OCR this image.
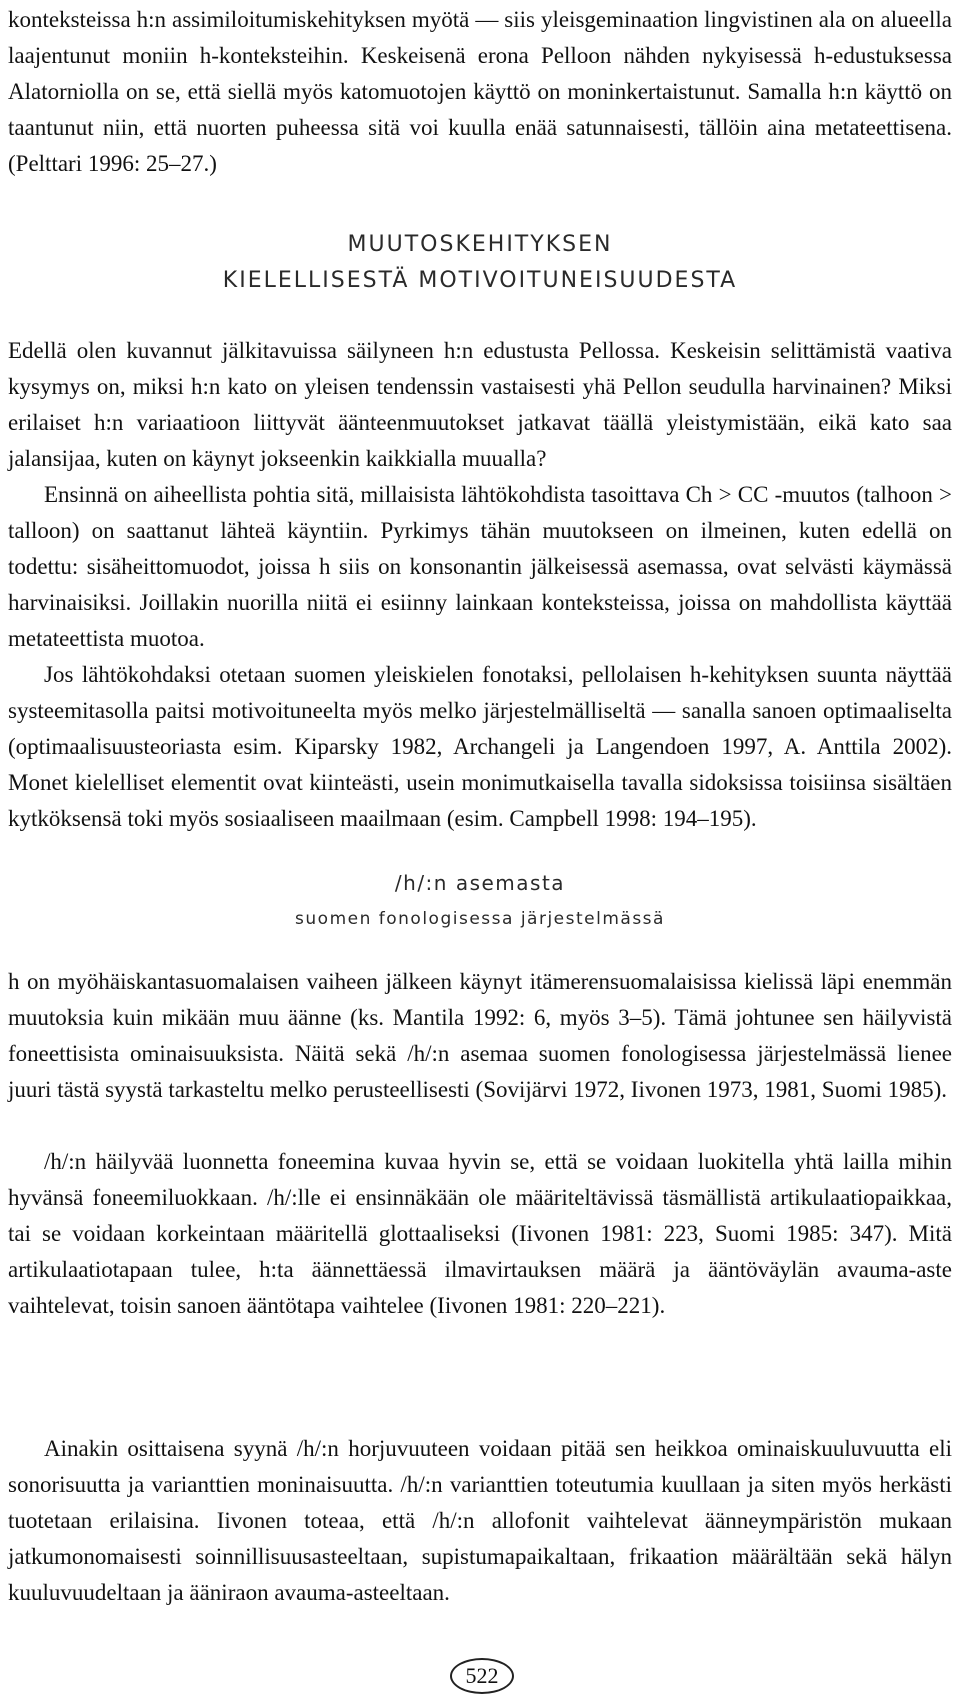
konteksteissa h:n assimiloitumiskehityksen myötä — siis yleisgeminaation lingvistinen ala on alueella laajentunut moniin h-konteksteihin. Keskeisenä erona Pelloon nähden nykyisessä h-edustuksessa Alatorniolla on se, että siellä myös katomuotojen käyttö on moninkertaistunut. Samalla h:n käyttö on taantunut niin, että nuorten puheessa sitä voi kuulla enää satunnaisesti, tällöin aina metateettisena. (Pelttari 1996: 25–27.)

MUUTOSKEHITYKSEN
KIELELLISESTÄ MOTIVOITUNEISUUDESTA

Edellä olen kuvannut jälkitavuissa säilyneen h:n edustusta Pellossa. Keskeisin selittämistä vaativa kysymys on, miksi h:n kato on yleisen tendenssin vastaisesti yhä Pellon seudulla harvinainen? Miksi erilaiset h:n variaatioon liittyvät äänteenmuutokset jatkavat täällä yleistymistään, eikä kato saa jalansijaa, kuten on käynyt jokseenkin kaikkialla muualla?

Ensinnä on aiheellista pohtia sitä, millaisista lähtökohdista tasoittava Ch > CC -muutos (talhoon > talloon) on saattanut lähteä käyntiin. Pyrkimys tähän muutokseen on ilmeinen, kuten edellä on todettu: sisäheittomuodot, joissa h siis on konsonantin jälkeisessä asemassa, ovat selvästi käymässä harvinaisiksi. Joillakin nuorilla niitä ei esiinny lainkaan konteksteissa, joissa on mahdollista käyttää metateettista muotoa.

Jos lähtökohdaksi otetaan suomen yleiskielen fonotaksi, pellolaisen h-kehityksen suunta näyttää systeemitasolla paitsi motivoituneelta myös melko järjestelmälliseltä — sanalla sanoen optimaaliselta (optimaalisuusteoriasta esim. Kiparsky 1982, Archangeli ja Langendoen 1997, A. Anttila 2002). Monet kielelliset elementit ovat kiinteästi, usein monimutkaisella tavalla sidoksissa toisiinsa sisältäen kytköksensä toki myös sosiaaliseen maailmaan (esim. Campbell 1998: 194–195).

/h/:n asemasta
suomen fonologisessa järjestelmässä

h on myöhäiskantasuomalaisen vaiheen jälkeen käynyt itämerensuomalaisissa kielissä läpi enemmän muutoksia kuin mikään muu äänne (ks. Mantila 1992: 6, myös 3–5). Tämä johtunee sen häilyvistä foneettisista ominaisuuksista. Näitä sekä /h/:n asemaa suomen fonologisessa järjestelmässä lienee juuri tästä syystä tarkasteltu melko perusteellisesti (Sovijärvi 1972, Iivonen 1973, 1981, Suomi 1985).

/h/:n häilyvää luonnetta foneemina kuvaa hyvin se, että se voidaan luokitella yhtä lailla mihin hyvänsä foneemiluokkaan. /h/:lle ei ensinnäkään ole määriteltävissä täsmällistä artikulaatiopaikkaa, tai se voidaan korkeintaan määritellä glottaaliseksi (Iivonen 1981: 223, Suomi 1985: 347). Mitä artikulaatiotapaan tulee, h:ta äännettäessä ilmavirtauksen määrä ja ääntöväylän avauma-aste vaihtelevat, toisin sanoen ääntötapa vaihtelee (Iivonen 1981: 220–221).

Ainakin osittaisena syynä /h/:n horjuvuuteen voidaan pitää sen heikkoa ominaiskuuluvuutta eli sonorisuutta ja varianttien moninaisuutta. /h/:n varianttien toteutumia kuullaan ja siten myös herkästi tuotetaan erilaisina. Iivonen toteaa, että /h/:n allofonit vaihtelevat äänneympäristön mukaan jatkumonomaisesti soinnillisuusasteeltaan, supistumapaikaltaan, frikaation määrältään sekä hälyn kuuluvuudeltaan ja ääniraon avauma-asteeltaan.

522
